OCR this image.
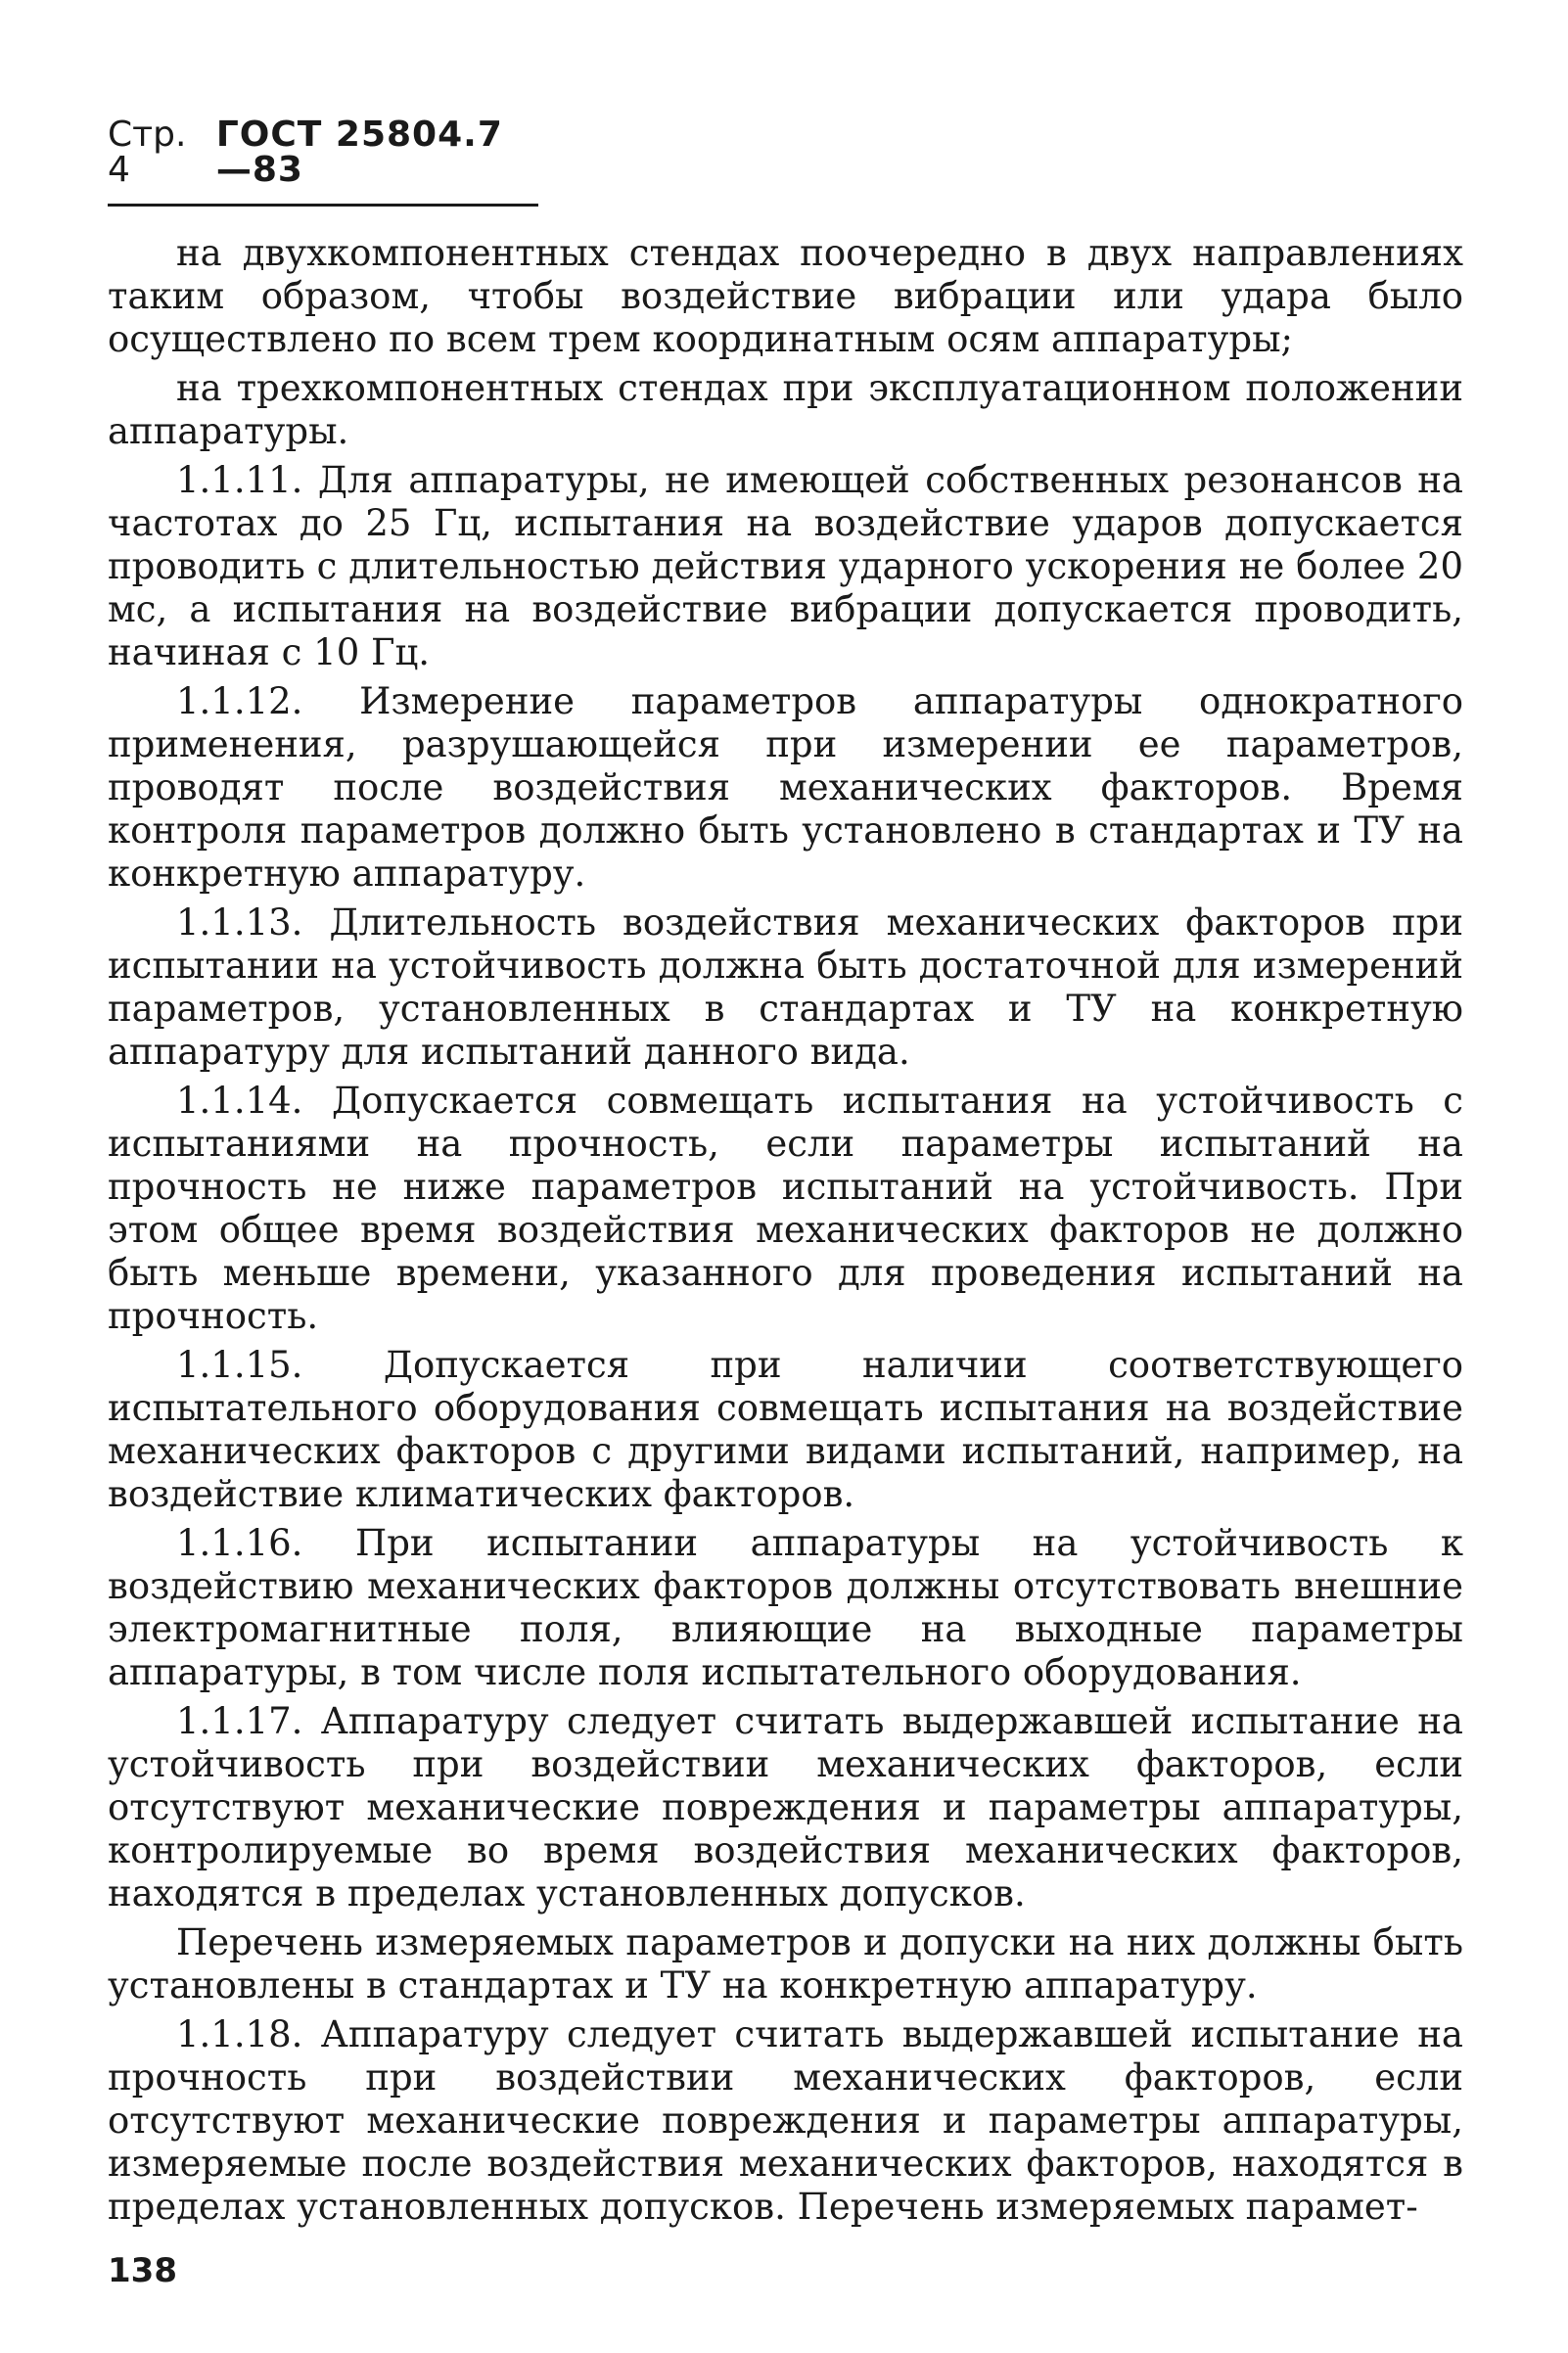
Стр. 4
ГОСТ 25804.7—83

на двухкомпонентных стендах поочередно в двух направлениях таким образом, чтобы воздействие вибрации или удара было осуществлено по всем трем координатным осям аппаратуры;

на трехкомпонентных стендах при эксплуатационном положении аппаратуры.

1.1.11. Для аппаратуры, не имеющей собственных резонансов на частотах до 25 Гц, испытания на воздействие ударов допускается проводить с длительностью действия ударного ускорения не более 20 мс, а испытания на воздействие вибрации допускается проводить, начиная с 10 Гц.

1.1.12. Измерение параметров аппаратуры однократного применения, разрушающейся при измерении ее параметров, проводят после воздействия механических факторов. Время контроля параметров должно быть установлено в стандартах и ТУ на конкретную аппаратуру.

1.1.13. Длительность воздействия механических факторов при испытании на устойчивость должна быть достаточной для измерений параметров, установленных в стандартах и ТУ на конкретную аппаратуру для испытаний данного вида.

1.1.14. Допускается совмещать испытания на устойчивость с испытаниями на прочность, если параметры испытаний на прочность не ниже параметров испытаний на устойчивость. При этом общее время воздействия механических факторов не должно быть меньше времени, указанного для проведения испытаний на прочность.

1.1.15. Допускается при наличии соответствующего испытательного оборудования совмещать испытания на воздействие механических факторов с другими видами испытаний, например, на воздействие климатических факторов.

1.1.16. При испытании аппаратуры на устойчивость к воздействию механических факторов должны отсутствовать внешние электромагнитные поля, влияющие на выходные параметры аппаратуры, в том числе поля испытательного оборудования.

1.1.17. Аппаратуру следует считать выдержавшей испытание на устойчивость при воздействии механических факторов, если отсутствуют механические повреждения и параметры аппаратуры, контролируемые во время воздействия механических факторов, находятся в пределах установленных допусков.

Перечень измеряемых параметров и допуски на них должны быть установлены в стандартах и ТУ на конкретную аппаратуру.

1.1.18. Аппаратуру следует считать выдержавшей испытание на прочность при воздействии механических факторов, если отсутствуют механические повреждения и параметры аппаратуры, измеряемые после воздействия механических факторов, находятся в пределах установленных допусков. Перечень измеряемых парамет-

138
